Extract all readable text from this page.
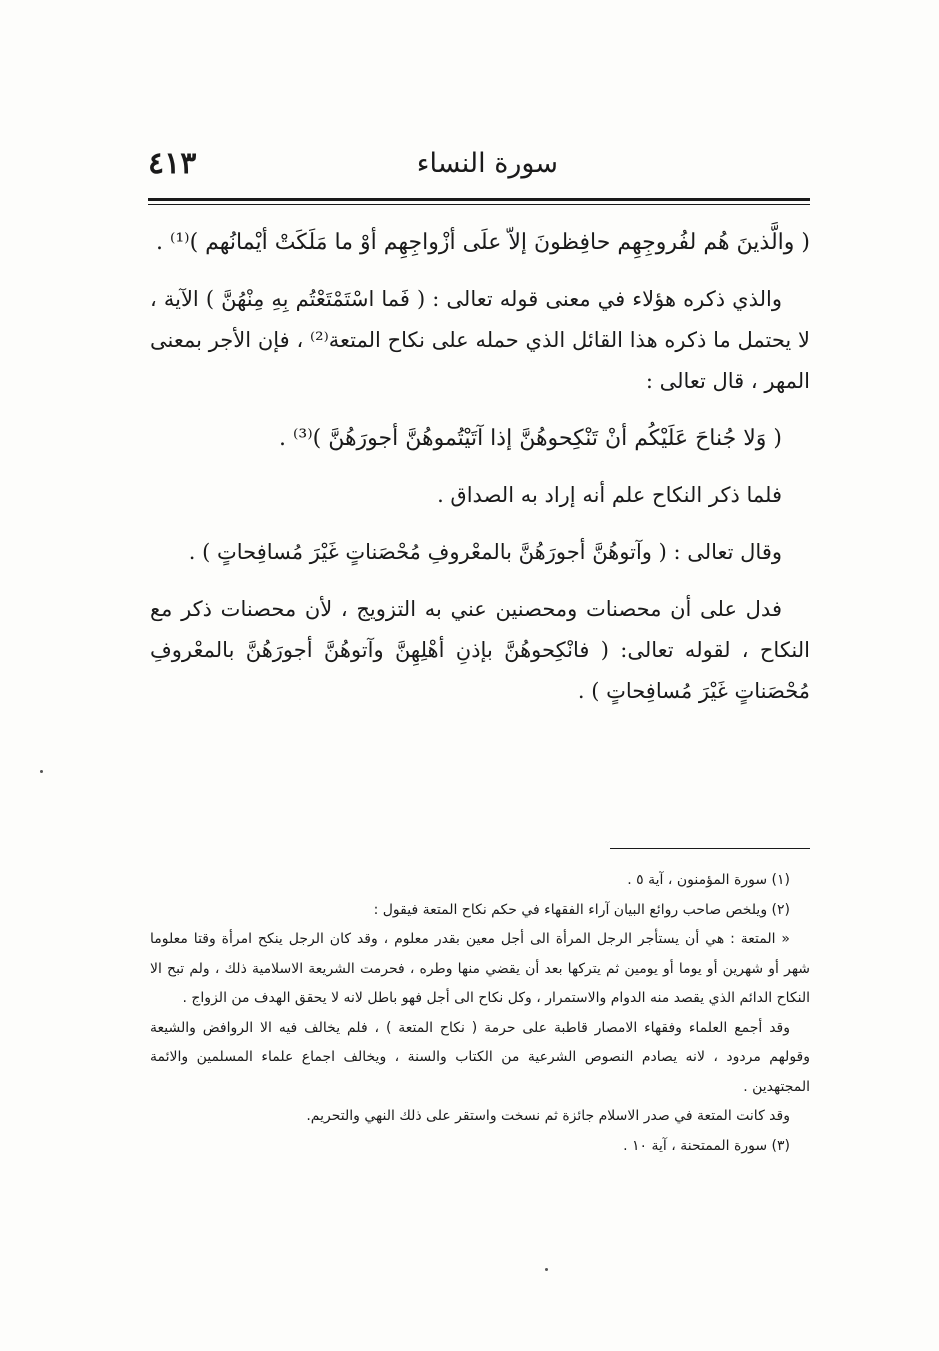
سورة النساء
٤١٣

( والَّذينَ هُم لفُروجِهِم حافِظونَ إلاّ علَى أزْواجِهِم أوْ ما مَلَكَتْ أيْمانُهم )⁽¹⁾ .

والذي ذكره هؤلاء في معنى قوله تعالى : ( فَما اسْتَمْتَعْتُم بِهِ مِنْهُنَّ ) الآية ، لا يحتمل ما ذكره هذا القائل الذي حمله على نكاح المتعة⁽²⁾ ، فإن الأجر بمعنى المهر ، قال تعالى :

( وَلا جُناحَ عَلَيْكُم أنْ تَنْكِحوهُنَّ إذا آتَيْتُموهُنَّ أجورَهُنَّ )⁽³⁾ .

فلما ذكر النكاح علم أنه إراد به الصداق .

وقال تعالى : ( وآتوهُنَّ أجورَهُنَّ بالمعْروفِ مُحْصَناتٍ غَيْرَ مُسافِحاتٍ ) .

فدل على أن محصنات ومحصنين عني به التزويج ، لأن محصنات ذكر مع النكاح ، لقوله تعالى: ( فانْكِحوهُنَّ بإذنِ أهْلِهِنَّ وآتوهُنَّ أجورَهُنَّ بالمعْروفِ مُحْصَناتٍ غَيْرَ مُسافِحاتٍ ) .

(١) سورة المؤمنون ، آية ٥ .

(٢) ويلخص صاحب روائع البيان آراء الفقهاء في حكم نكاح المتعة فيقول :

« المتعة : هي أن يستأجر الرجل المرأة الى أجل معين بقدر معلوم ، وقد كان الرجل ينكح امرأة وقتا معلوما شهر أو شهرين أو يوما أو يومين ثم يتركها بعد أن يقضي منها وطره ، فحرمت الشريعة الاسلامية ذلك ، ولم تبح الا النكاح الدائم الذي يقصد منه الدوام والاستمرار ، وكل نكاح الى أجل فهو باطل لانه لا يحقق الهدف من الزواج .

وقد أجمع العلماء وفقهاء الامصار قاطبة على حرمة ( نكاح المتعة ) ، فلم يخالف فيه الا الروافض والشيعة وقولهم مردود ، لانه يصادم النصوص الشرعية من الكتاب والسنة ، ويخالف اجماع علماء المسلمين والائمة المجتهدين .

وقد كانت المتعة في صدر الاسلام جائزة ثم نسخت واستقر على ذلك النهي والتحريم.

(٣) سورة الممتحنة ، آية ١٠ .
